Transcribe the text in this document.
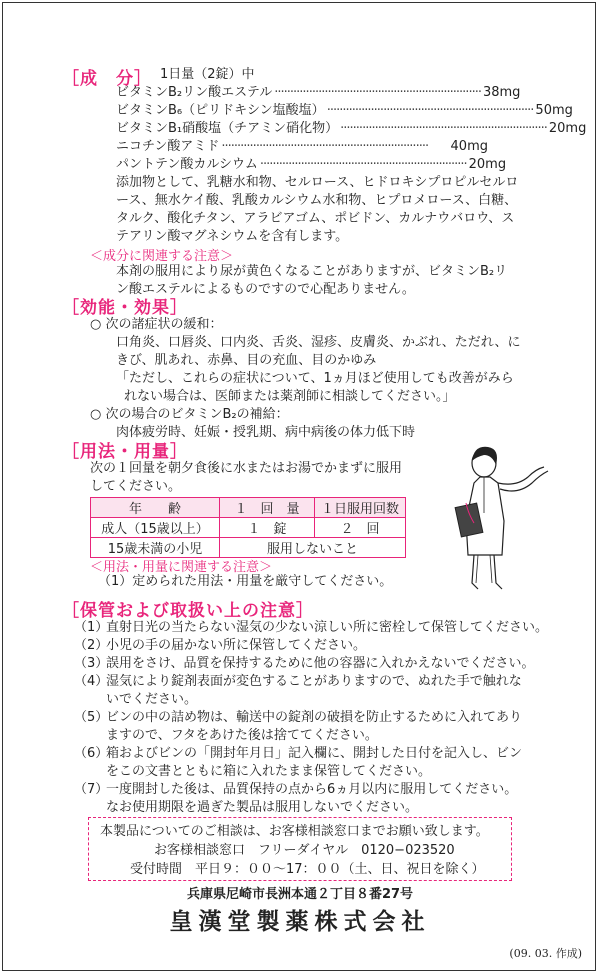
［成　分］ 1日量（2錠）中
ビタミンB₂リン酸エステル ·································································· 38mg
ビタミンB₆（ピリドキシン塩酸塩） ·································································· 50mg
ビタミンB₁硝酸塩（チアミン硝化物） ·································································· 20mg
ニコチン酸アミド ··································································	40mg
パントテン酸カルシウム ·································································· 20mg
添加物として、乳糖水和物、セルロース、ヒドロキシプロピルセルロ
ース、無水ケイ酸、乳酸カルシウム水和物、ヒプロメロース、白糖、
タルク、酸化チタン、アラビアゴム、ポビドン、カルナウバロウ、ス
テアリン酸マグネシウムを含有します。
＜成分に関連する注意＞
本剤の服用により尿が黄色くなることがありますが、ビタミンB₂リ
ン酸エステルによるものですので心配ありません。
［効能・効果］
○ 次の諸症状の緩和：
口角炎、口唇炎、口内炎、舌炎、湿疹、皮膚炎、かぶれ、ただれ、に
きび、肌あれ、赤鼻、目の充血、目のかゆみ
「ただし、これらの症状について、1ヵ月ほど使用しても改善がみら
れない場合は、医師または薬剤師に相談してください。」
○ 次の場合のビタミンB₂の補給：
肉体疲労時、妊娠・授乳期、病中病後の体力低下時
［用法・用量］
次の１回量を朝夕食後に水またはお湯でかまずに服用
してください。
年　　齢	１　回　量	１日服用回数
成人（15歳以上）	１　錠	２　回
15歳未満の小児	服用しないこと	
＜用法・用量に関連する注意＞
（1）定められた用法・用量を厳守してください。
［保管および取扱い上の注意］
（1）
直射日光の当たらない湿気の少ない涼しい所に密栓して保管してください。
（2）
小児の手の届かない所に保管してください。
（3）
誤用をさけ、品質を保持するために他の容器に入れかえないでください。
（4）
湿気により錠剤表面が変色することがありますので、ぬれた手で触れな
いでください。
（5）
ビンの中の詰め物は、輸送中の錠剤の破損を防止するために入れてあり
ますので、フタをあけた後は捨ててください。
（6）
箱およびビンの「開封年月日」記入欄に、開封した日付を記入し、ビン
をこの文書とともに箱に入れたまま保管してください。
（7）
一度開封した後は、品質保持の点から6ヵ月以内に服用してください。
なお使用期限を過ぎた製品は服用しないでください。
本製品についてのご相談は、お客様相談窓口までお願い致します。
お客様相談窓口　フリーダイヤル　0120−023520
受付時間　平日９：００〜17：００（土、日、祝日を除く）
兵庫県尼崎市長洲本通２丁目８番27号
皇漢堂製薬株式会社
(09. 03. 作成)
